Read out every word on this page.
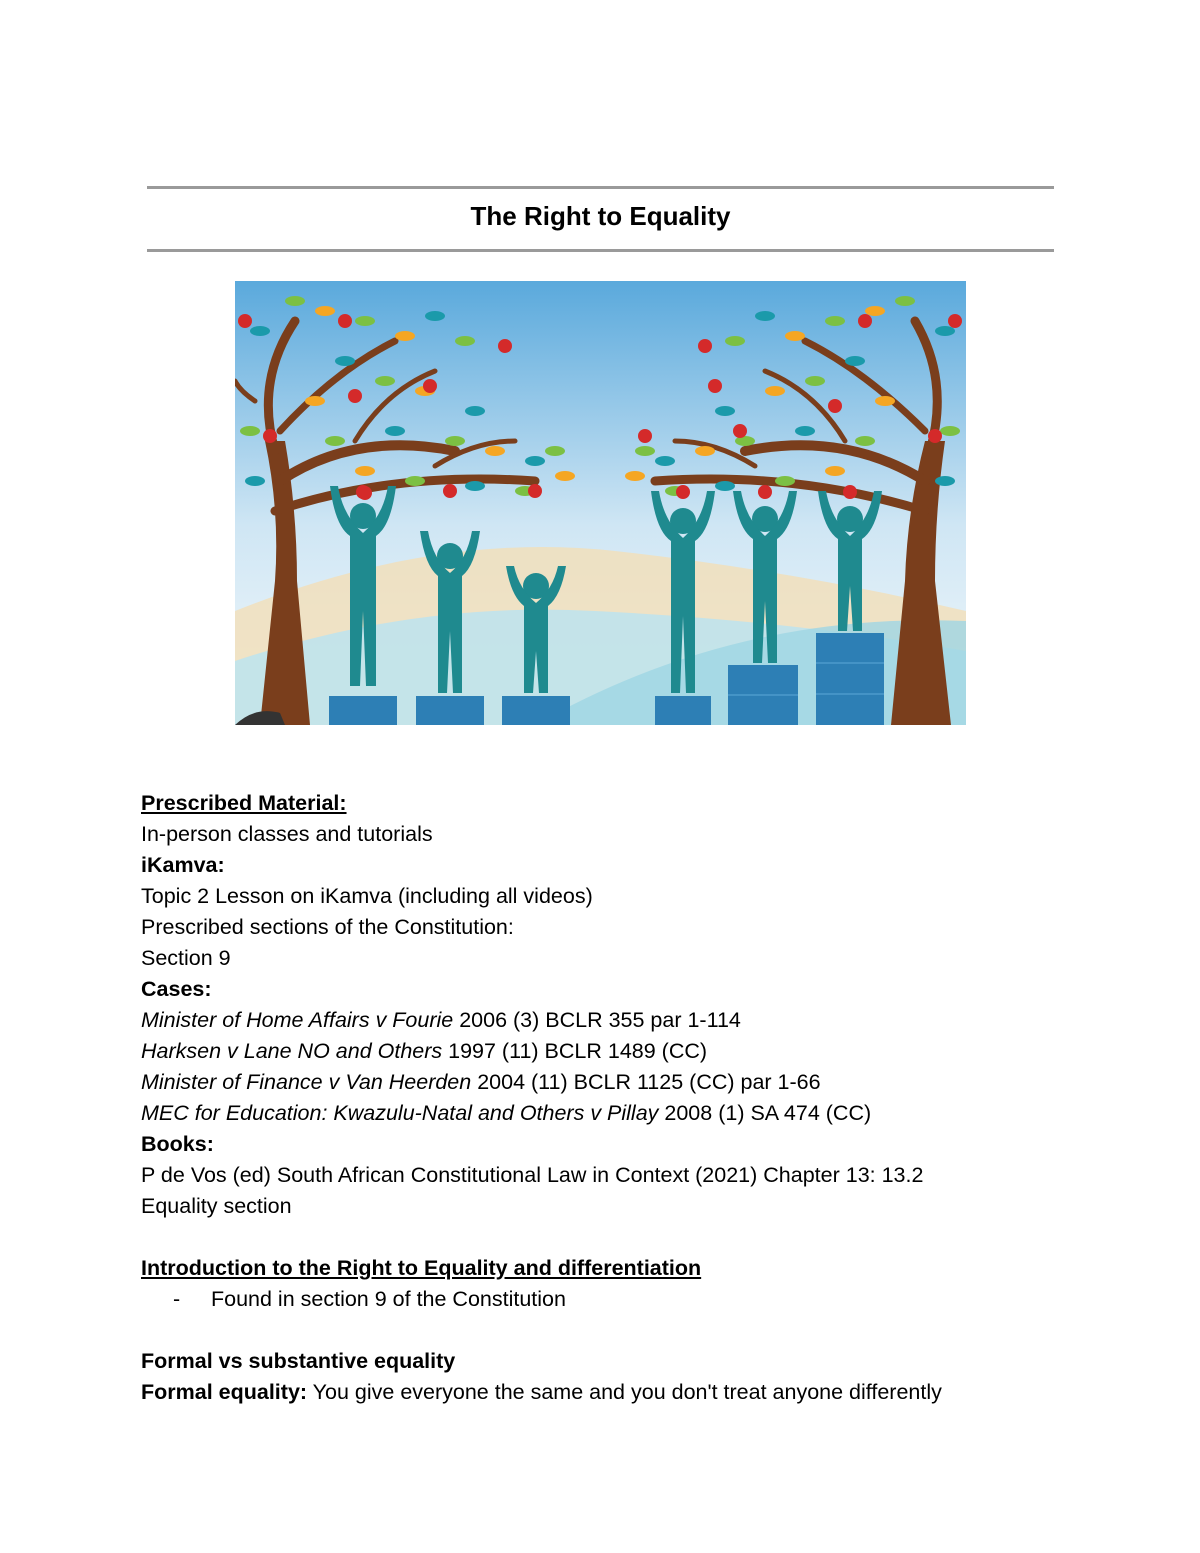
The Right to Equality
Prescribed Material:
In-person classes and tutorials
iKamva:
Topic 2 Lesson on iKamva (including all videos)
Prescribed sections of the Constitution:
Section 9
Cases:
Minister of Home Affairs v Fourie 2006 (3) BCLR 355 par 1-114
Harksen v Lane NO and Others 1997 (11) BCLR 1489 (CC)
Minister of Finance v Van Heerden 2004 (11) BCLR 1125 (CC) par 1-66
MEC for Education: Kwazulu-Natal and Others v Pillay 2008 (1) SA 474 (CC)
Books:
P de Vos (ed) South African Constitutional Law in Context (2021) Chapter 13: 13.2
Equality section
Introduction to the Right to Equality and differentiation
- Found in section 9 of the Constitution
Formal vs substantive equality
Formal equality: You give everyone the same and you don't treat anyone differently
